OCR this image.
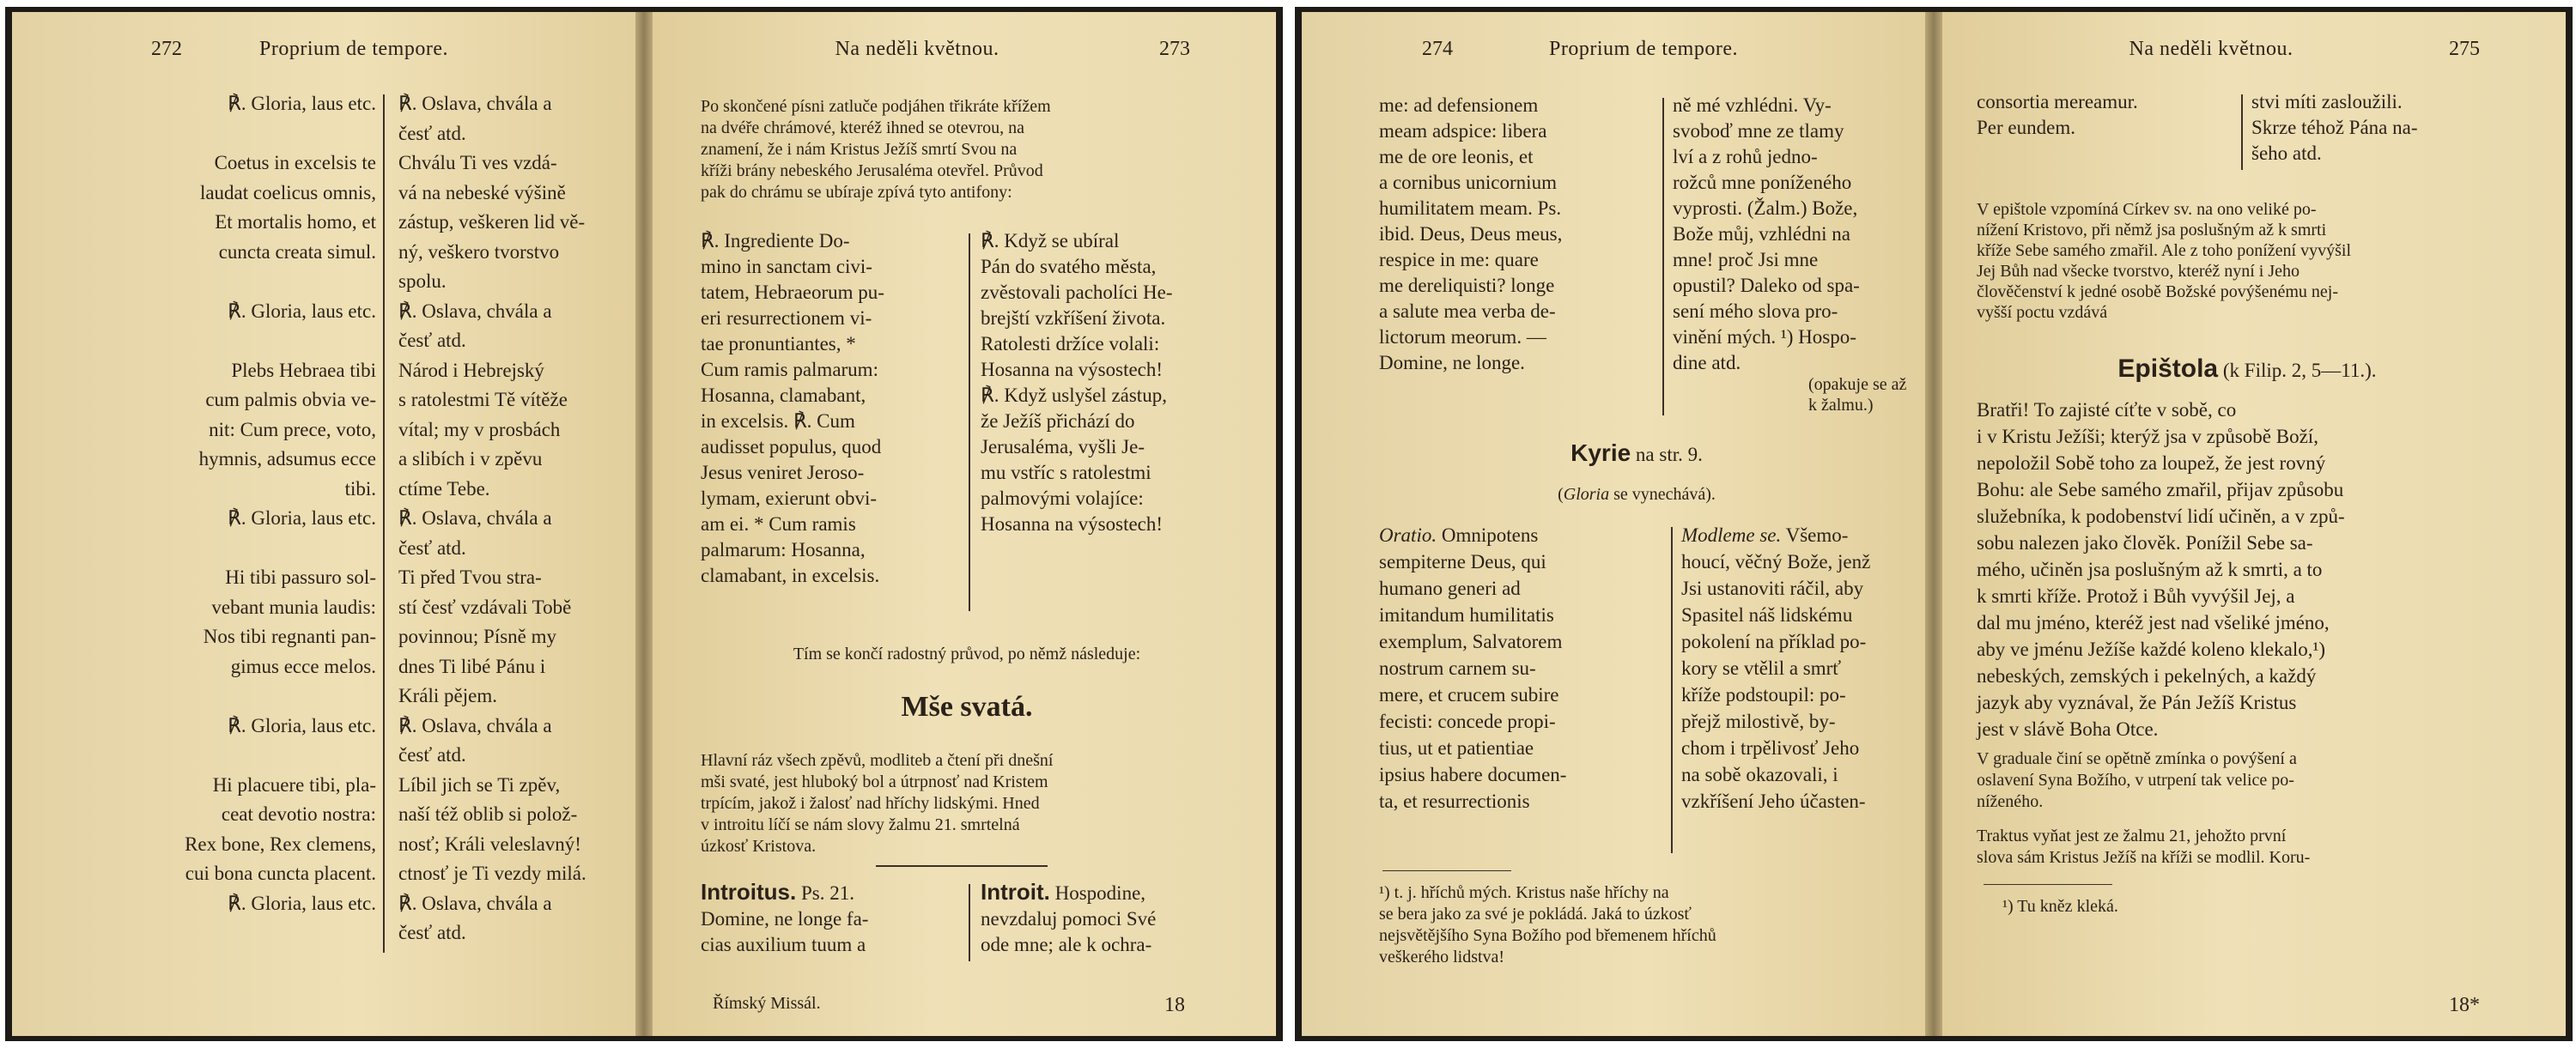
272	Proprium de tempore.
℟. Gloria, laus etc.

Coetus in excelsis te
laudat coelicus omnis,
Et mortalis homo, et
cuncta creata simul.

℟. Gloria, laus etc.

Plebs Hebraea tibi
cum palmis obvia ve-
nit: Cum prece, voto,
hymnis, adsumus ecce
tibi.
℟. Gloria, laus etc.

Hi tibi passuro sol-
vebant munia laudis:
Nos tibi regnanti pan-
gimus ecce melos.

℟. Gloria, laus etc.

Hi placuere tibi, pla-
ceat devotio nostra:
Rex bone, Rex clemens,
cui bona cuncta placent.
℟. Gloria, laus etc.
℟. Oslava, chvála a
česť atd.
Chválu Ti ves vzdá-
vá na nebeské výšině
zástup, veškeren lid vě-
ný, veškero tvorstvo
spolu.
℟. Oslava, chvála a
česť atd.
Národ i Hebrejský
s ratolestmi Tě vítěže
vítal; my v prosbách
a slibích i v zpěvu
ctíme Tebe.
℟. Oslava, chvála a
česť atd.
Ti před Tvou stra-
stí česť vzdávali Tobě
povinnou; Písně my
dnes Ti libé Pánu i
Králi pějem.
℟. Oslava, chvála a
česť atd.
Líbil jich se Ti zpěv,
naší též oblib si polož-
nosť; Králi veleslavný!
ctnosť je Ti vezdy milá.
℟. Oslava, chvála a
česť atd.
Na neděli květnou.	273
Po skončené písni zatluče podjáhen třikráte křížem
na dvéře chrámové, kteréž ihned se otevrou, na
znamení, že i nám Kristus Ježíš smrtí Svou na
kříži brány nebeského Jerusaléma otevřel. Průvod
pak do chrámu se ubíraje zpívá tyto antifony:
℟. Ingrediente Do-
mino in sanctam civi-
tatem, Hebraeorum pu-
eri resurrectionem vi-
tae pronuntiantes, *
Cum ramis palmarum:
Hosanna, clamabant,
in excelsis. ℟. Cum
audisset populus, quod
Jesus veniret Jeroso-
lymam, exierunt obvi-
am ei. * Cum ramis
palmarum: Hosanna,
clamabant, in excelsis.
℟. Když se ubíral
Pán do svatého města,
zvěstovali pacholíci He-
brejští vzkříšení života.
Ratolesti držíce volali:
Hosanna na výsostech!
℟. Když uslyšel zástup,
že Ježíš přichází do
Jerusaléma, vyšli Je-
mu vstříc s ratolestmi
palmovými volajíce:
Hosanna na výsostech!
Tím se končí radostný průvod, po němž následuje:
Mše svatá.
Hlavní ráz všech zpěvů, modliteb a čtení při dnešní
mši svaté, jest hluboký bol a útrpnosť nad Kristem
trpícím, jakož i žalosť nad hříchy lidskými. Hned
v introitu líčí se nám slovy žalmu 21. smrtelná
úzkosť Kristova.
Introitus. Ps. 21.
Domine, ne longe fa-
cias auxilium tuum a
Introit. Hospodine,
nevzdaluj pomoci Své
ode mne; ale k ochra-
Římský Missál.	18
274	Proprium de tempore.
me: ad defensionem
meam adspice: libera
me de ore leonis, et
a cornibus unicornium
humilitatem meam. Ps.
ibid. Deus, Deus meus,
respice in me: quare
me dereliquisti? longe
a salute mea verba de-
lictorum meorum. —
Domine, ne longe.
ně mé vzhlédni. Vy-
svoboď mne ze tlamy
lví a z rohů jedno-
rožců mne poníženého
vyprosti. (Žalm.) Bože,
Bože můj, vzhlédni na
mne! proč Jsi mne
opustil? Daleko od spa-
sení mého slova pro-
vinění mých. ¹) Hospo-
dine atd.
(opakuje se až
k žalmu.)
Kyrie na str. 9.
(Gloria se vynechává).
Oratio. Omnipotens
sempiterne Deus, qui
humano generi ad
imitandum humilitatis
exemplum, Salvatorem
nostrum carnem su-
mere, et crucem subire
fecisti: concede propi-
tius, ut et patientiae
ipsius habere documen-
ta, et resurrectionis
Modleme se. Všemo-
houcí, věčný Bože, jenž
Jsi ustanoviti ráčil, aby
Spasitel náš lidskému
pokolení na příklad po-
kory se vtělil a smrť
kříže podstoupil: po-
přejž milostivě, by-
chom i trpělivosť Jeho
na sobě okazovali, i
vzkříšení Jeho účasten-
¹) t. j. hříchů mých. Kristus naše hříchy na
se bera jako za své je pokládá. Jaká to úzkosť
nejsvětějšího Syna Božího pod břemenem hříchů
veškerého lidstva!
Na neděli květnou.	275
consortia mereamur.
Per eundem.
stvi míti zasloužili.
Skrze téhož Pána na-
šeho atd.
V epištole vzpomíná Církev sv. na ono veliké po-
nížení Kristovo, při němž jsa poslušným až k smrti
kříže Sebe samého zmařil. Ale z toho ponížení vyvýšil
Jej Bůh nad všecke tvorstvo, kteréž nyní i Jeho
člověčenství k jedné osobě Božské povýšenému nej-
vyšší poctu vzdává
Epištola (k Filip. 2, 5—11.).
Bratři! To zajisté cíťte v sobě, co
i v Kristu Ježíši; kterýž jsa v způsobě Boží,
nepoložil Sobě toho za loupež, že jest rovný
Bohu: ale Sebe samého zmařil, přijav způsobu
služebníka, k podobenství lidí učiněn, a v způ-
sobu nalezen jako člověk. Ponížil Sebe sa-
mého, učiněn jsa poslušným až k smrti, a to
k smrti kříže. Protož i Bůh vyvýšil Jej, a
dal mu jméno, kteréž jest nad všeliké jméno,
aby ve jménu Ježíše každé koleno klekalo,¹)
nebeských, zemských i pekelných, a každý
jazyk aby vyznával, že Pán Ježíš Kristus
jest v slávě Boha Otce.
V graduale činí se opětně zmínka o povýšení a
oslavení Syna Božího, v utrpení tak velice po-
níženého.
Traktus vyňat jest ze žalmu 21, jehožto první
slova sám Kristus Ježíš na kříži se modlil. Koru-
¹) Tu kněz kleká.
18*
